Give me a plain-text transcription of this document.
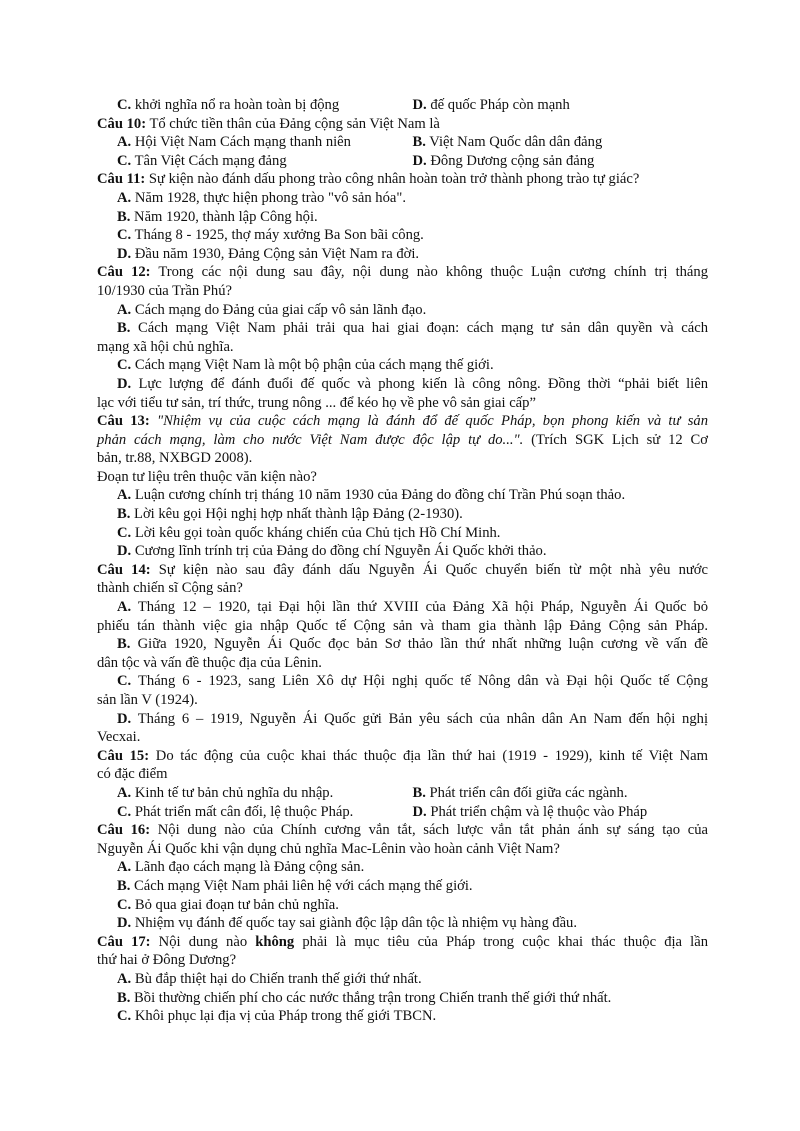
C. khởi nghĩa nổ ra hoàn toàn bị động	D. đế quốc Pháp còn mạnh
Câu 10: Tổ chức tiền thân của Đảng cộng sản Việt Nam là
A. Hội Việt Nam Cách mạng thanh niên	B. Việt Nam Quốc dân dân đảng
C. Tân Việt Cách mạng đảng	D. Đông Dương cộng sản đảng
Câu 11: Sự kiện nào đánh dấu phong trào công nhân hoàn toàn trở thành phong trào tự giác?
A. Năm 1928, thực hiện phong trào "vô sản hóa".
B. Năm 1920, thành lập Công hội.
C. Tháng 8 - 1925, thợ máy xưởng Ba Son bãi công.
D. Đầu năm 1930, Đảng Cộng sản Việt Nam ra đời.
Câu 12: Trong các nội dung sau đây, nội dung nào không thuộc Luận cương chính trị tháng
10/1930 của Trần Phú?
A. Cách mạng do Đảng của giai cấp vô sản lãnh đạo.
B. Cách mạng Việt Nam phải trải qua hai giai đoạn: cách mạng tư sản dân quyền và cách
mạng xã hội chủ nghĩa.
C. Cách mạng Việt Nam là một bộ phận của cách mạng thế giới.
D. Lực lượng để đánh đuổi đế quốc và phong kiến là công nông. Đồng thời “phải biết liên
lạc với tiểu tư sản, trí thức, trung nông ... để kéo họ về phe vô sản giai cấp”
Câu 13: "Nhiệm vụ của cuộc cách mạng là đánh đổ đế quốc Pháp, bọn phong kiến và tư sản
phản cách mạng, làm cho nước Việt Nam được độc lập tự do...". (Trích SGK Lịch sử 12 Cơ
bản, tr.88, NXBGD 2008).
Đoạn tư liệu trên thuộc văn kiện nào?
A. Luận cương chính trị tháng 10 năm 1930 của Đảng do đồng chí Trần Phú soạn thảo.
B. Lời kêu gọi Hội nghị hợp nhất thành lập Đảng (2-1930).
C. Lời kêu gọi toàn quốc kháng chiến của Chủ tịch Hồ Chí Minh.
D. Cương lĩnh trính trị của Đảng do đồng chí Nguyễn Ái Quốc khởi thảo.
Câu 14: Sự kiện nào sau đây đánh dấu Nguyễn Ái Quốc chuyển biến từ một nhà yêu nước
thành chiến sĩ Cộng sản?
A. Tháng 12 – 1920, tại Đại hội lần thứ XVIII của Đảng Xã hội Pháp, Nguyễn Ái Quốc bỏ
phiếu tán thành việc gia nhập Quốc tế Cộng sản và tham gia thành lập Đảng Cộng sản Pháp.
B. Giữa 1920, Nguyễn Ái Quốc đọc bản Sơ thảo lần thứ nhất những luận cương về vấn đề
dân tộc và vấn đề thuộc địa của Lênin.
C. Tháng 6 - 1923, sang Liên Xô dự Hội nghị quốc tế Nông dân và Đại hội Quốc tế Cộng
sản lần V (1924).
D. Tháng 6 – 1919, Nguyễn Ái Quốc gửi Bản yêu sách của nhân dân An Nam đến hội nghị
Vecxai.
Câu 15: Do tác động của cuộc khai thác thuộc địa lần thứ hai (1919 - 1929), kinh tế Việt Nam
có đặc điểm
A. Kinh tế tư bản chủ nghĩa du nhập.	B. Phát triển cân đối giữa các ngành.
C. Phát triển mất cân đối, lệ thuộc Pháp.	D. Phát triển chậm và lệ thuộc vào Pháp
Câu 16: Nội dung nào của Chính cương vắn tắt, sách lược vắn tắt phản ánh sự sáng tạo của
Nguyễn Ái Quốc khi vận dụng chủ nghĩa Mac-Lênin vào hoàn cảnh Việt Nam?
A. Lãnh đạo cách mạng là Đảng cộng sản.
B. Cách mạng Việt Nam phải liên hệ với cách mạng thế giới.
C. Bỏ qua giai đoạn tư bản chủ nghĩa.
D. Nhiệm vụ đánh đế quốc tay sai giành độc lập dân tộc là nhiệm vụ hàng đầu.
Câu 17: Nội dung nào không phải là mục tiêu của Pháp trong cuộc khai thác thuộc địa lần
thứ hai ở Đông Dương?
A. Bù đắp thiệt hại do Chiến tranh thế giới thứ nhất.
B. Bồi thường chiến phí cho các nước thắng trận trong Chiến tranh thế giới thứ nhất.
C. Khôi phục lại địa vị của Pháp trong thế giới TBCN.
